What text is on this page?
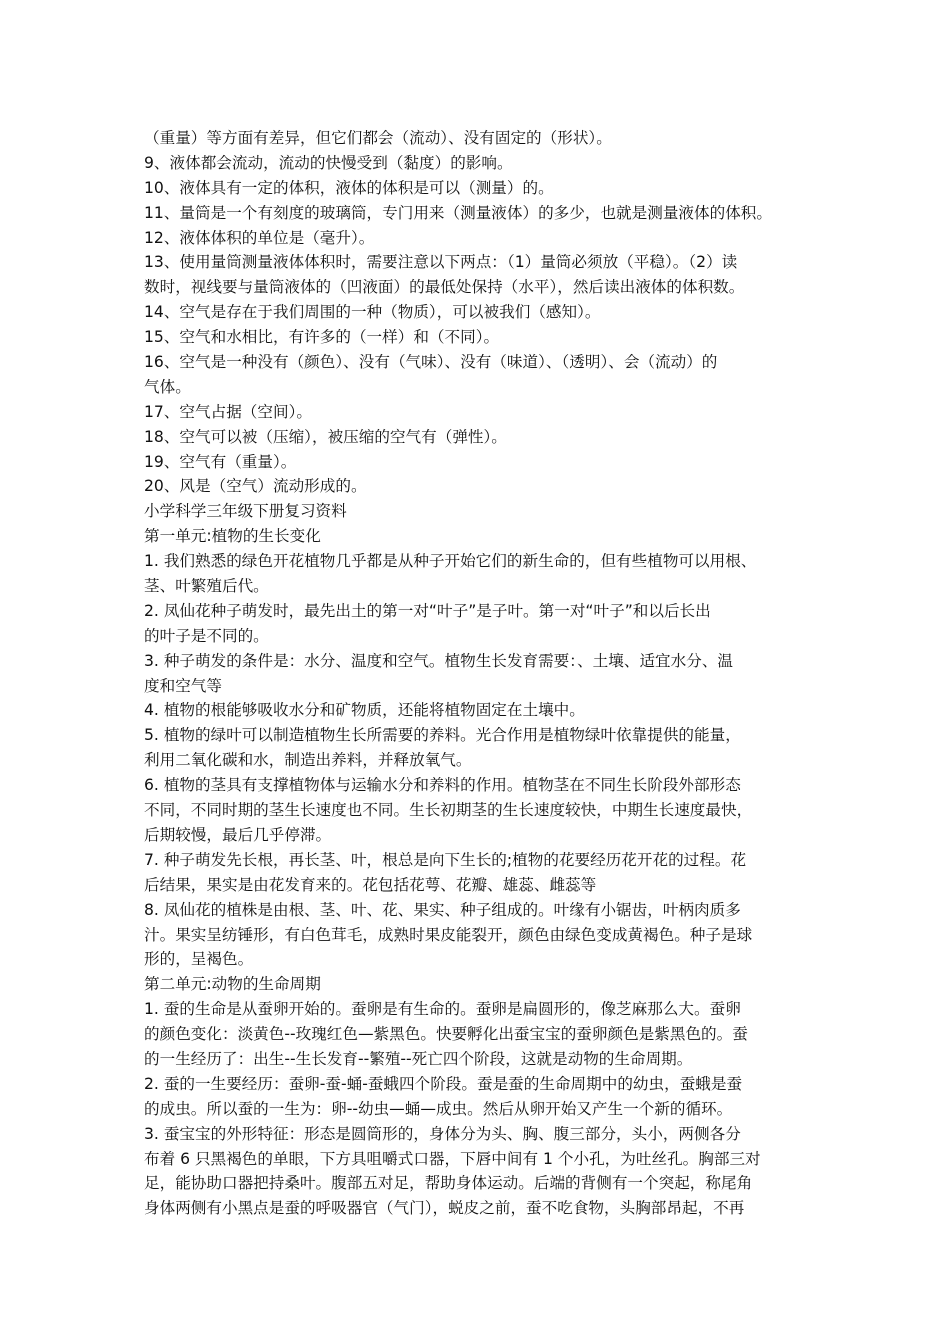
（重量）等方面有差异，但它们都会（流动）、没有固定的（形状）。
9、液体都会流动，流动的快慢受到（黏度）的影响。
10、液体具有一定的体积，液体的体积是可以（测量）的。
11、量筒是一个有刻度的玻璃筒，专门用来（测量液体）的多少，也就是测量液体的体积。
12、液体体积的单位是（毫升）。
13、使用量筒测量液体体积时，需要注意以下两点：（1）量筒必须放（平稳）。（2）读
数时，视线要与量筒液体的（凹液面）的最低处保持（水平），然后读出液体的体积数。
14、空气是存在于我们周围的一种（物质），可以被我们（感知）。
15、空气和水相比，有许多的（一样）和（不同）。
16、空气是一种没有（颜色）、没有（气味）、没有（味道）、（透明）、会（流动）的
气体。
17、空气占据（空间）。
18、空气可以被（压缩），被压缩的空气有（弹性）。
19、空气有（重量）。
20、风是（空气）流动形成的。
小学科学三年级下册复习资料
第一单元:植物的生长变化
1. 我们熟悉的绿色开花植物几乎都是从种子开始它们的新生命的，但有些植物可以用根、
茎、叶繁殖后代。
2. 凤仙花种子萌发时，最先出土的第一对“叶子”是子叶。第一对“叶子”和以后长出
的叶子是不同的。
3. 种子萌发的条件是：水分、温度和空气。植物生长发育需要：、土壤、适宜水分、温
度和空气等
4. 植物的根能够吸收水分和矿物质，还能将植物固定在土壤中。
5. 植物的绿叶可以制造植物生长所需要的养料。光合作用是植物绿叶依靠提供的能量，
利用二氧化碳和水，制造出养料，并释放氧气。
6. 植物的茎具有支撑植物体与运输水分和养料的作用。植物茎在不同生长阶段外部形态
不同，不同时期的茎生长速度也不同。生长初期茎的生长速度较快，中期生长速度最快，
后期较慢，最后几乎停滞。
7. 种子萌发先长根，再长茎、叶，根总是向下生长的;植物的花要经历花开花的过程。花
后结果，果实是由花发育来的。花包括花萼、花瓣、雄蕊、雌蕊等
8. 凤仙花的植株是由根、茎、叶、花、果实、种子组成的。叶缘有小锯齿，叶柄肉质多
汁。果实呈纺锤形，有白色茸毛，成熟时果皮能裂开，颜色由绿色变成黄褐色。种子是球
形的，呈褐色。
第二单元:动物的生命周期
1. 蚕的生命是从蚕卵开始的。蚕卵是有生命的。蚕卵是扁圆形的，像芝麻那么大。蚕卵
的颜色变化：淡黄色--玫瑰红色—紫黑色。快要孵化出蚕宝宝的蚕卵颜色是紫黑色的。蚕
的一生经历了：出生--生长发育--繁殖--死亡四个阶段，这就是动物的生命周期。
2. 蚕的一生要经历：蚕卵-蚕-蛹-蚕蛾四个阶段。蚕是蚕的生命周期中的幼虫，蚕蛾是蚕
的成虫。所以蚕的一生为：卵--幼虫—蛹—成虫。然后从卵开始又产生一个新的循环。
3. 蚕宝宝的外形特征：形态是圆筒形的，身体分为头、胸、腹三部分，头小，两侧各分
布着 6 只黑褐色的单眼，下方具咀嚼式口器，下唇中间有 1 个小孔，为吐丝孔。胸部三对
足，能协助口器把持桑叶。腹部五对足，帮助身体运动。后端的背侧有一个突起，称尾角
身体两侧有小黑点是蚕的呼吸器官（气门），蜕皮之前，蚕不吃食物，头胸部昂起，不再
